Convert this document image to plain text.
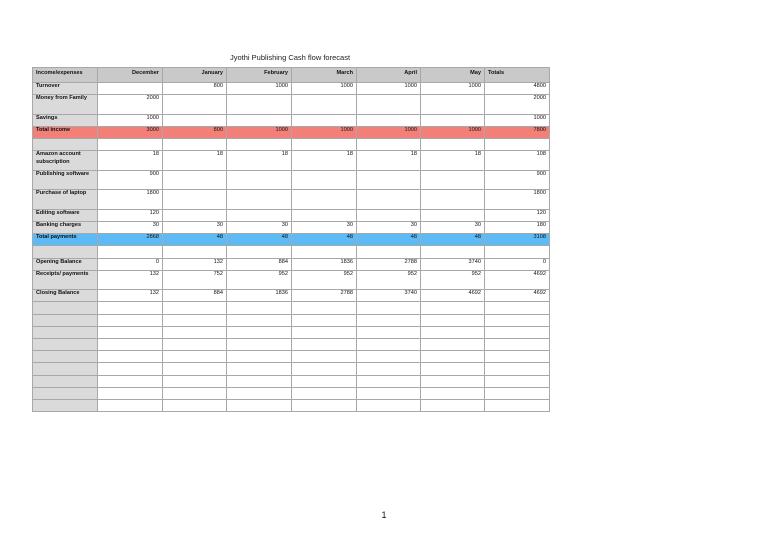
Jyothi Publishing Cash flow forecast
Income/expenses	December	January	February	March	April	May	Totals
Turnover		800	1000	1000	1000	1000	4800
Money from Family	2000						2000
Savings	1000						1000
Total income	3000	800	1000	1000	1000	1000	7800

Amazon account subscription	18	18	18	18	18	18	108
Publishing software	900						900
Purchase of laptop	1800						1800
Editing software	120						120
Banking charges	30	30	30	30	30	30	180
Total payments	2868	48	48	48	48	48	3108

Opening Balance	0	132	884	1836	2788	3740	0
Receipts/ payments	132	752	952	952	952	952	4692
Closing Balance	132	884	1836	2788	3740	4692	4692

1
